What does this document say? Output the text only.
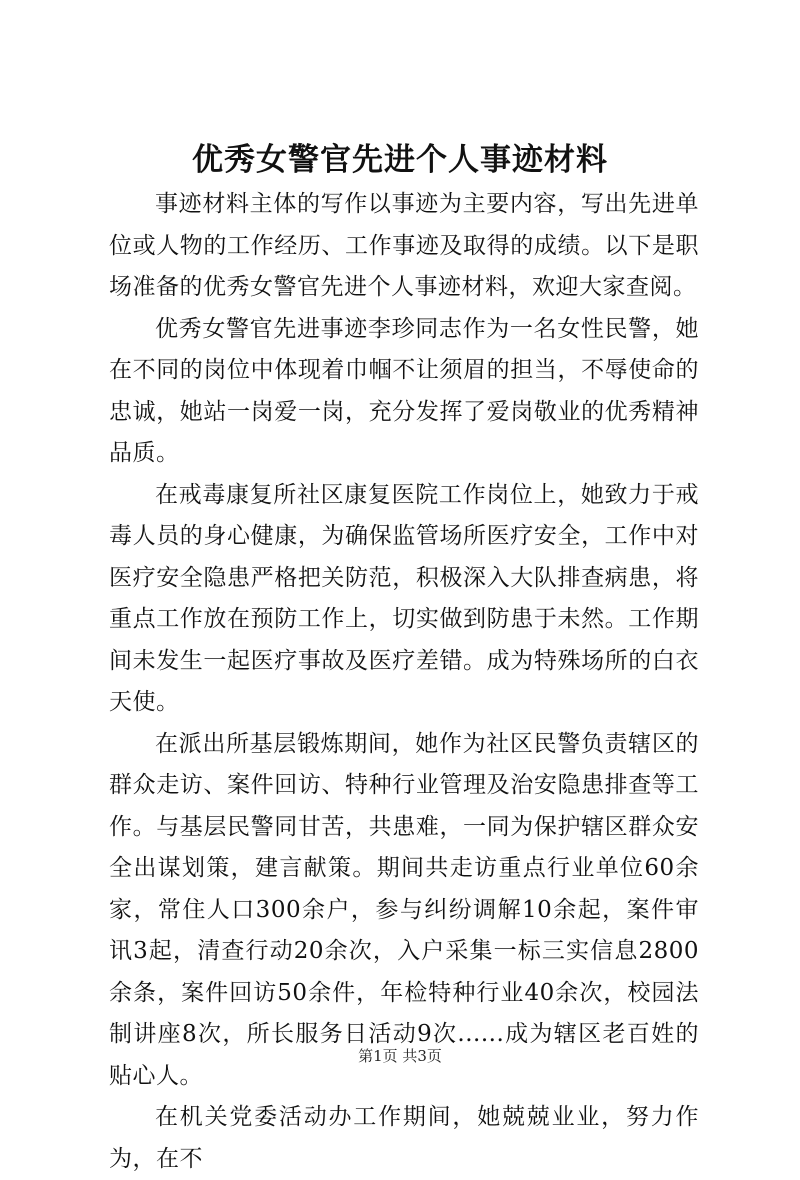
优秀女警官先进个人事迹材料

事迹材料主体的写作以事迹为主要内容，写出先进单位或人物的工作经历、工作事迹及取得的成绩。以下是职场准备的优秀女警官先进个人事迹材料，欢迎大家查阅。

优秀女警官先进事迹李珍同志作为一名女性民警，她在不同的岗位中体现着巾帼不让须眉的担当，不辱使命的忠诚，她站一岗爱一岗，充分发挥了爱岗敬业的优秀精神品质。

在戒毒康复所社区康复医院工作岗位上，她致力于戒毒人员的身心健康，为确保监管场所医疗安全，工作中对医疗安全隐患严格把关防范，积极深入大队排查病患，将重点工作放在预防工作上，切实做到防患于未然。工作期间未发生一起医疗事故及医疗差错。成为特殊场所的白衣天使。

在派出所基层锻炼期间，她作为社区民警负责辖区的群众走访、案件回访、特种行业管理及治安隐患排查等工作。与基层民警同甘苦，共患难，一同为保护辖区群众安全出谋划策，建言献策。期间共走访重点行业单位60余家，常住人口300余户，参与纠纷调解10余起，案件审讯3起，清查行动20余次，入户采集一标三实信息2800余条，案件回访50余件，年检特种行业40余次，校园法制讲座8次，所长服务日活动9次......成为辖区老百姓的贴心人。

在机关党委活动办工作期间，她兢兢业业，努力作为，在不

第1页 共3页
